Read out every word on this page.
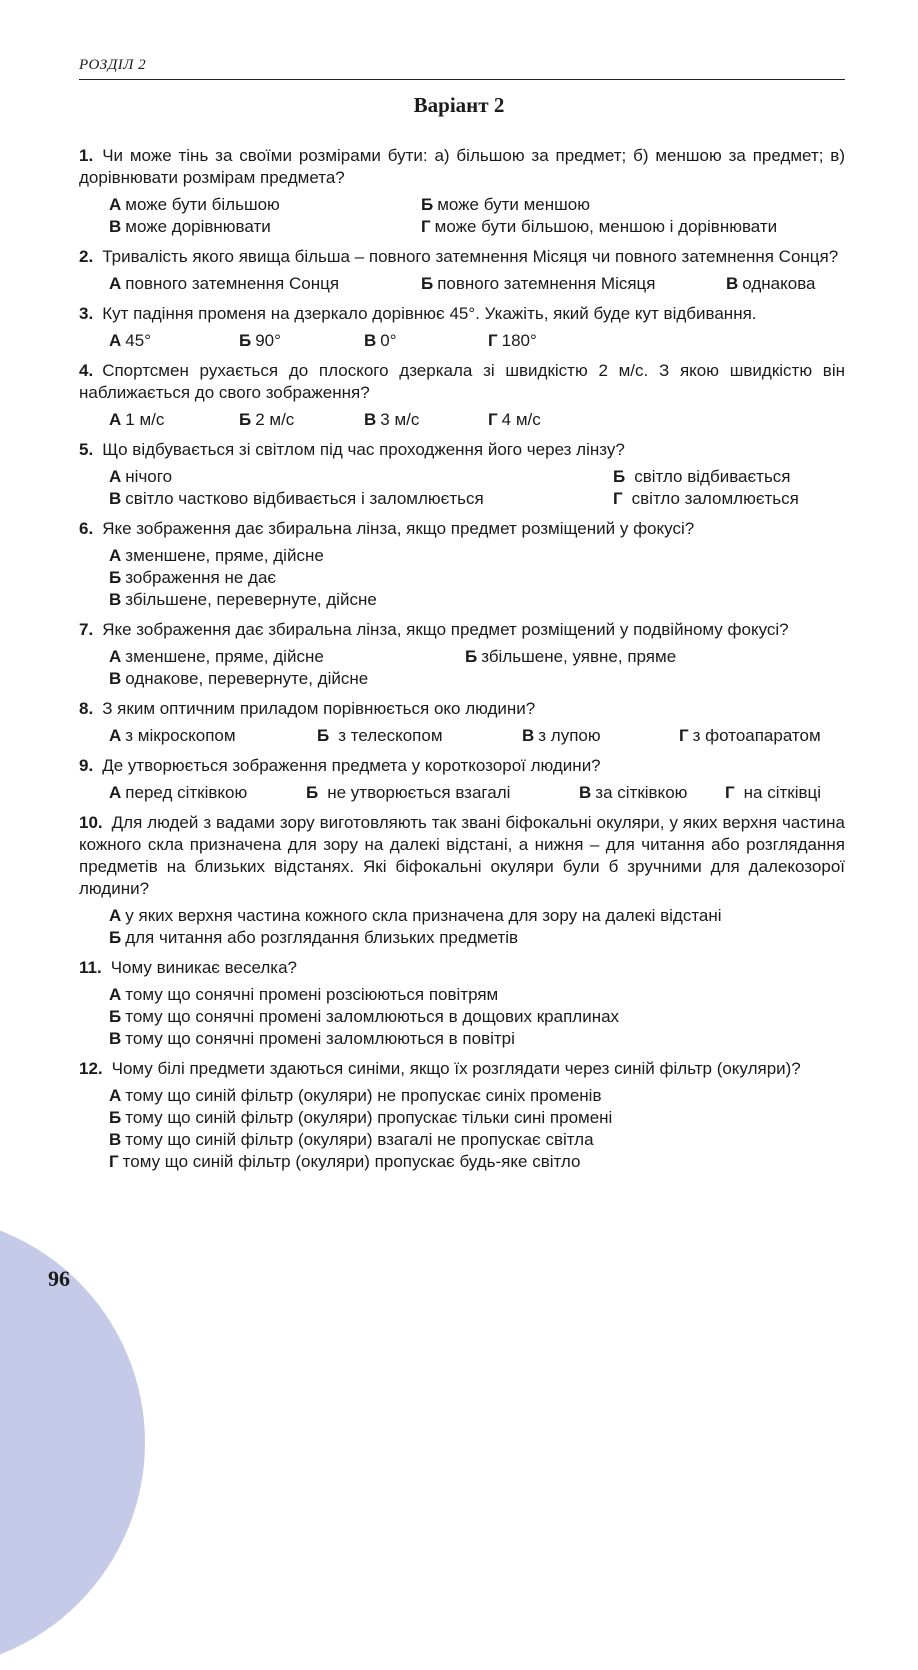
96
РОЗДІЛ 2
Варіант 2

1. Чи може тінь за своїми розмірами бути: а) більшою за предмет; б) меншою за предмет; в) дорівнювати розмірам предмета?

А може бути більшою	Б може бути меншою
В може дорівнювати	Г може бути більшою, меншою і дорівнювати

2. Тривалість якого явища більша – повного затемнення Місяця чи повного затемнення Сонця?

А повного затемнення Сонця	Б повного затемнення Місяця	В однакова

3. Кут падіння променя на дзеркало дорівнює 45°. Укажіть, який буде кут відбивання.

А 45°	Б 90°	В 0°	Г 180°

4. Спортсмен рухається до плоского дзеркала зі швидкістю 2 м/с. З якою швидкістю він наближається до свого зображення?

А 1 м/с	Б 2 м/с	В 3 м/с	Г 4 м/с

5. Що відбувається зі світлом під час проходження його через лінзу?

А нічого	Б світло відбивається
В світло частково відбивається і заломлюється	Г світло заломлюється

6. Яке зображення дає збиральна лінза, якщо предмет розміщений у фокусі?

А зменшене, пряме, дійсне
Б зображення не дає
В збільшене, перевернуте, дійсне

7. Яке зображення дає збиральна лінза, якщо предмет розміщений у подвійному фокусі?

А зменшене, пряме, дійсне	Б збільшене, уявне, пряме
В однакове, перевернуте, дійсне

8. З яким оптичним приладом порівнюється око людини?

А з мікроскопом	Б з телескопом	В з лупою	Г з фотоапаратом

9. Де утворюється зображення предмета у короткозорої людини?

А перед сітківкою	Б не утворюється взагалі	В за сітківкою Г на сітківці

10. Для людей з вадами зору виготовляють так звані біфокальні окуляри, у яких верхня частина кожного скла призначена для зору на далекі відстані, а нижня – для читання або розглядання предметів на близьких відстанях. Які біфокальні окуляри були б зручними для далекозорої людини?

А у яких верхня частина кожного скла призначена для зору на далекі відстані
Б для читання або розглядання близьких предметів

11. Чому виникає веселка?

А тому що сонячні промені розсіюються повітрям
Б тому що сонячні промені заломлюються в дощових краплинах
В тому що сонячні промені заломлюються в повітрі

12. Чому білі предмети здаються синіми, якщо їх розглядати через синій фільтр (окуляри)?

А тому що синій фільтр (окуляри) не пропускає синіх променів
Б тому що синій фільтр (окуляри) пропускає тільки сині промені
В тому що синій фільтр (окуляри) взагалі не пропускає світла
Г тому що синій фільтр (окуляри) пропускає будь-яке світло
